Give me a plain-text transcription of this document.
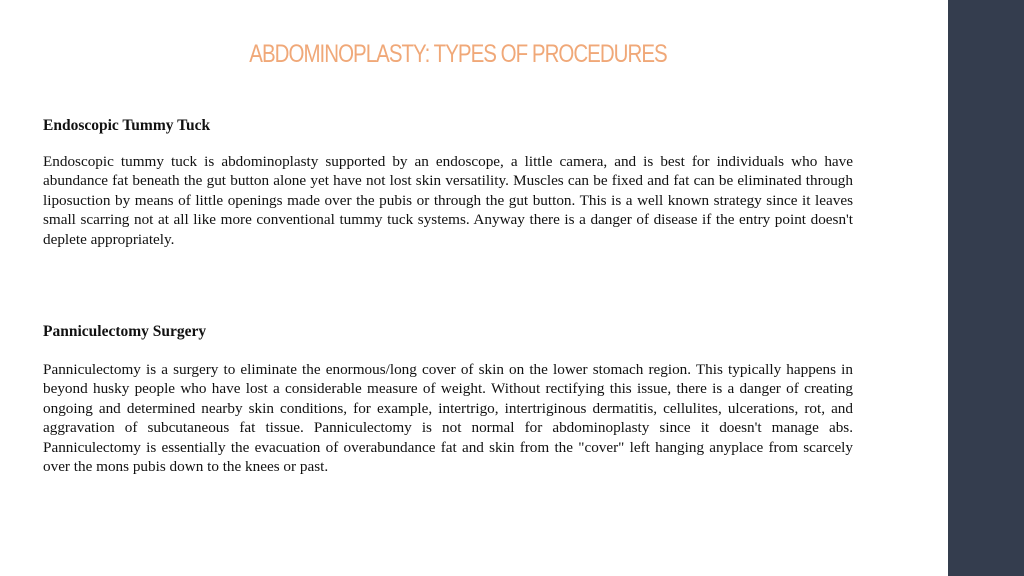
ABDOMINOPLASTY: TYPES OF PROCEDURES
Endoscopic Tummy Tuck

Endoscopic tummy tuck is abdominoplasty supported by an endoscope, a little camera, and is best for individuals who have abundance fat beneath the gut button alone yet have not lost skin versatility. Muscles can be fixed and fat can be eliminated through liposuction by means of little openings made over the pubis or through the gut button. This is a well known strategy since it leaves small scarring not at all like more conventional tummy tuck systems. Anyway there is a danger of disease if the entry point doesn't deplete appropriately.

Panniculectomy Surgery

Panniculectomy is a surgery to eliminate the enormous/long cover of skin on the lower stomach region. This typically happens in beyond husky people who have lost a considerable measure of weight. Without rectifying this issue, there is a danger of creating ongoing and determined nearby skin conditions, for example, intertrigo, intertriginous dermatitis, cellulites, ulcerations, rot, and aggravation of subcutaneous fat tissue. Panniculectomy is not normal for abdominoplasty since it doesn't manage abs. Panniculectomy is essentially the evacuation of overabundance fat and skin from the "cover" left hanging anyplace from scarcely over the mons pubis down to the knees or past.
